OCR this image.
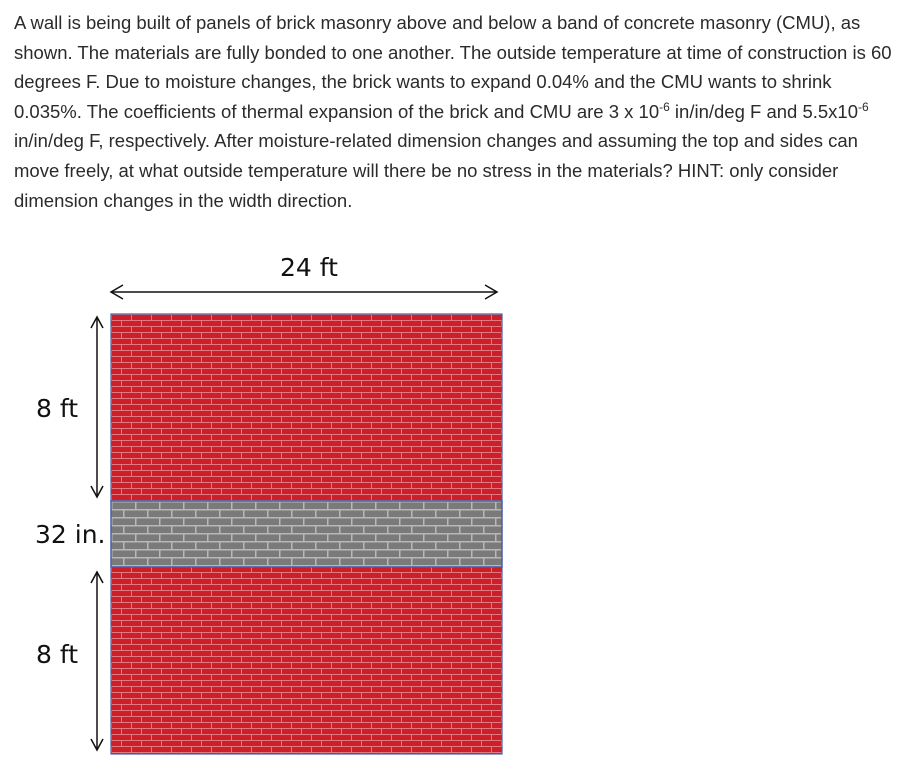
A wall is being built of panels of brick masonry above and below a band of concrete masonry (CMU), as shown. The materials are fully bonded to one another. The outside temperature at time of construction is 60 degrees F. Due to moisture changes, the brick wants to expand 0.04% and the CMU wants to shrink 0.035%. The coefficients of thermal expansion of the brick and CMU are 3 x $10^{-6}$ in/in/deg F and $5.5x10^{-6}$ in/in/deg F, respectively. After moisture-related dimension changes and assuming the top and sides can move freely, at what outside temperature will there be no stress in the materials? HINT: only consider dimension changes in the width direction.

24 ft
8 ft
32 in.
8 ft
